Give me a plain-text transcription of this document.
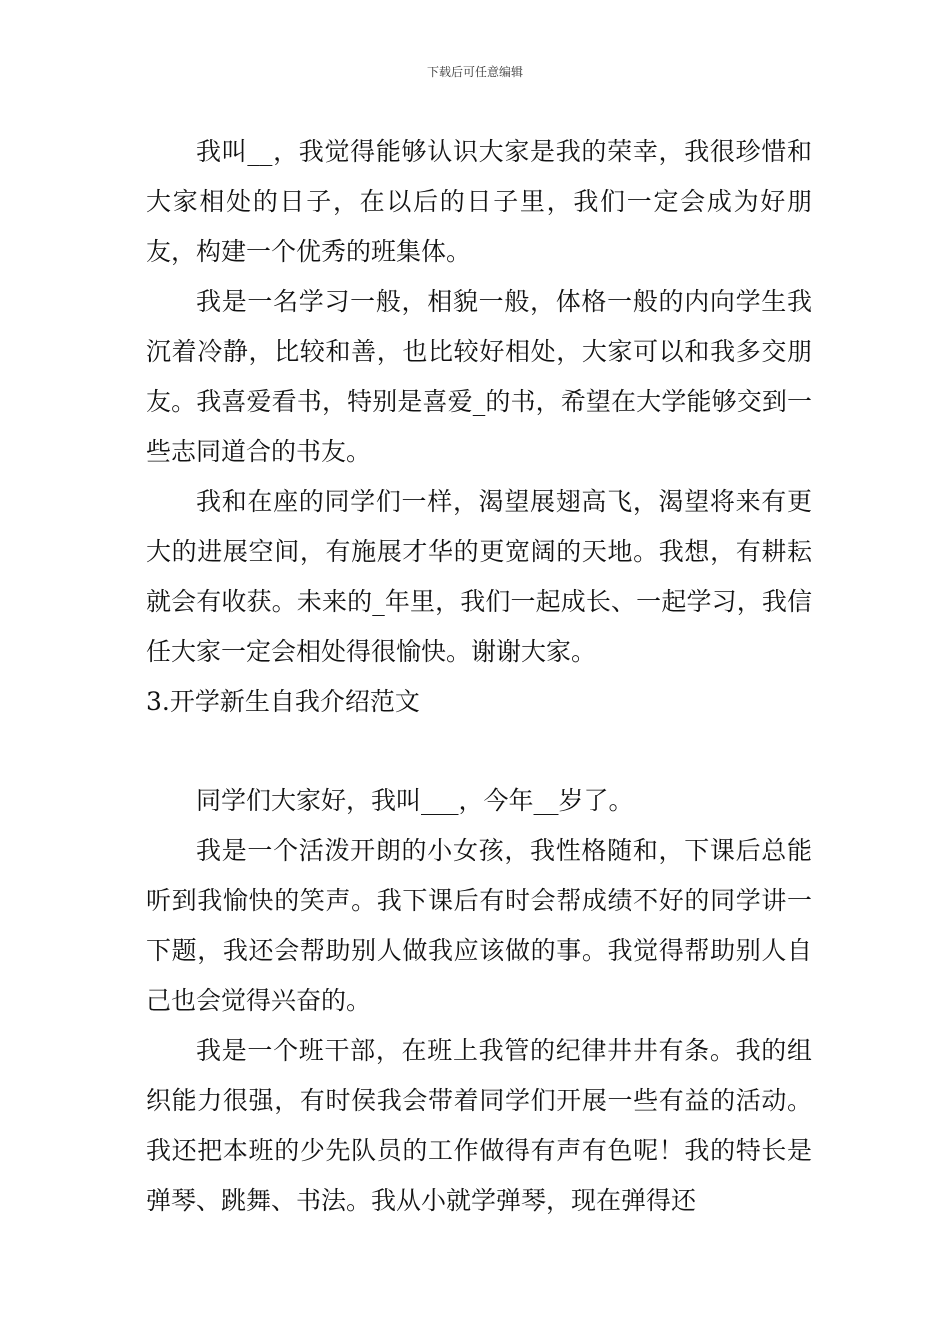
下载后可任意编辑

我叫__，我觉得能够认识大家是我的荣幸，我很珍惜和大家相处的日子，在以后的日子里，我们一定会成为好朋友，构建一个优秀的班集体。

我是一名学习一般，相貌一般，体格一般的内向学生我沉着冷静，比较和善，也比较好相处，大家可以和我多交朋友。我喜爱看书，特别是喜爱_的书，希望在大学能够交到一些志同道合的书友。

我和在座的同学们一样，渴望展翅高飞，渴望将来有更大的进展空间，有施展才华的更宽阔的天地。我想，有耕耘就会有收获。未来的_年里，我们一起成长、一起学习，我信任大家一定会相处得很愉快。谢谢大家。

3.开学新生自我介绍范文

同学们大家好，我叫___，今年__岁了。

我是一个活泼开朗的小女孩，我性格随和，下课后总能听到我愉快的笑声。我下课后有时会帮成绩不好的同学讲一下题，我还会帮助别人做我应该做的事。我觉得帮助别人自己也会觉得兴奋的。

我是一个班干部，在班上我管的纪律井井有条。我的组织能力很强，有时侯我会带着同学们开展一些有益的活动。我还把本班的少先队员的工作做得有声有色呢！我的特长是弹琴、跳舞、书法。我从小就学弹琴，现在弹得还
